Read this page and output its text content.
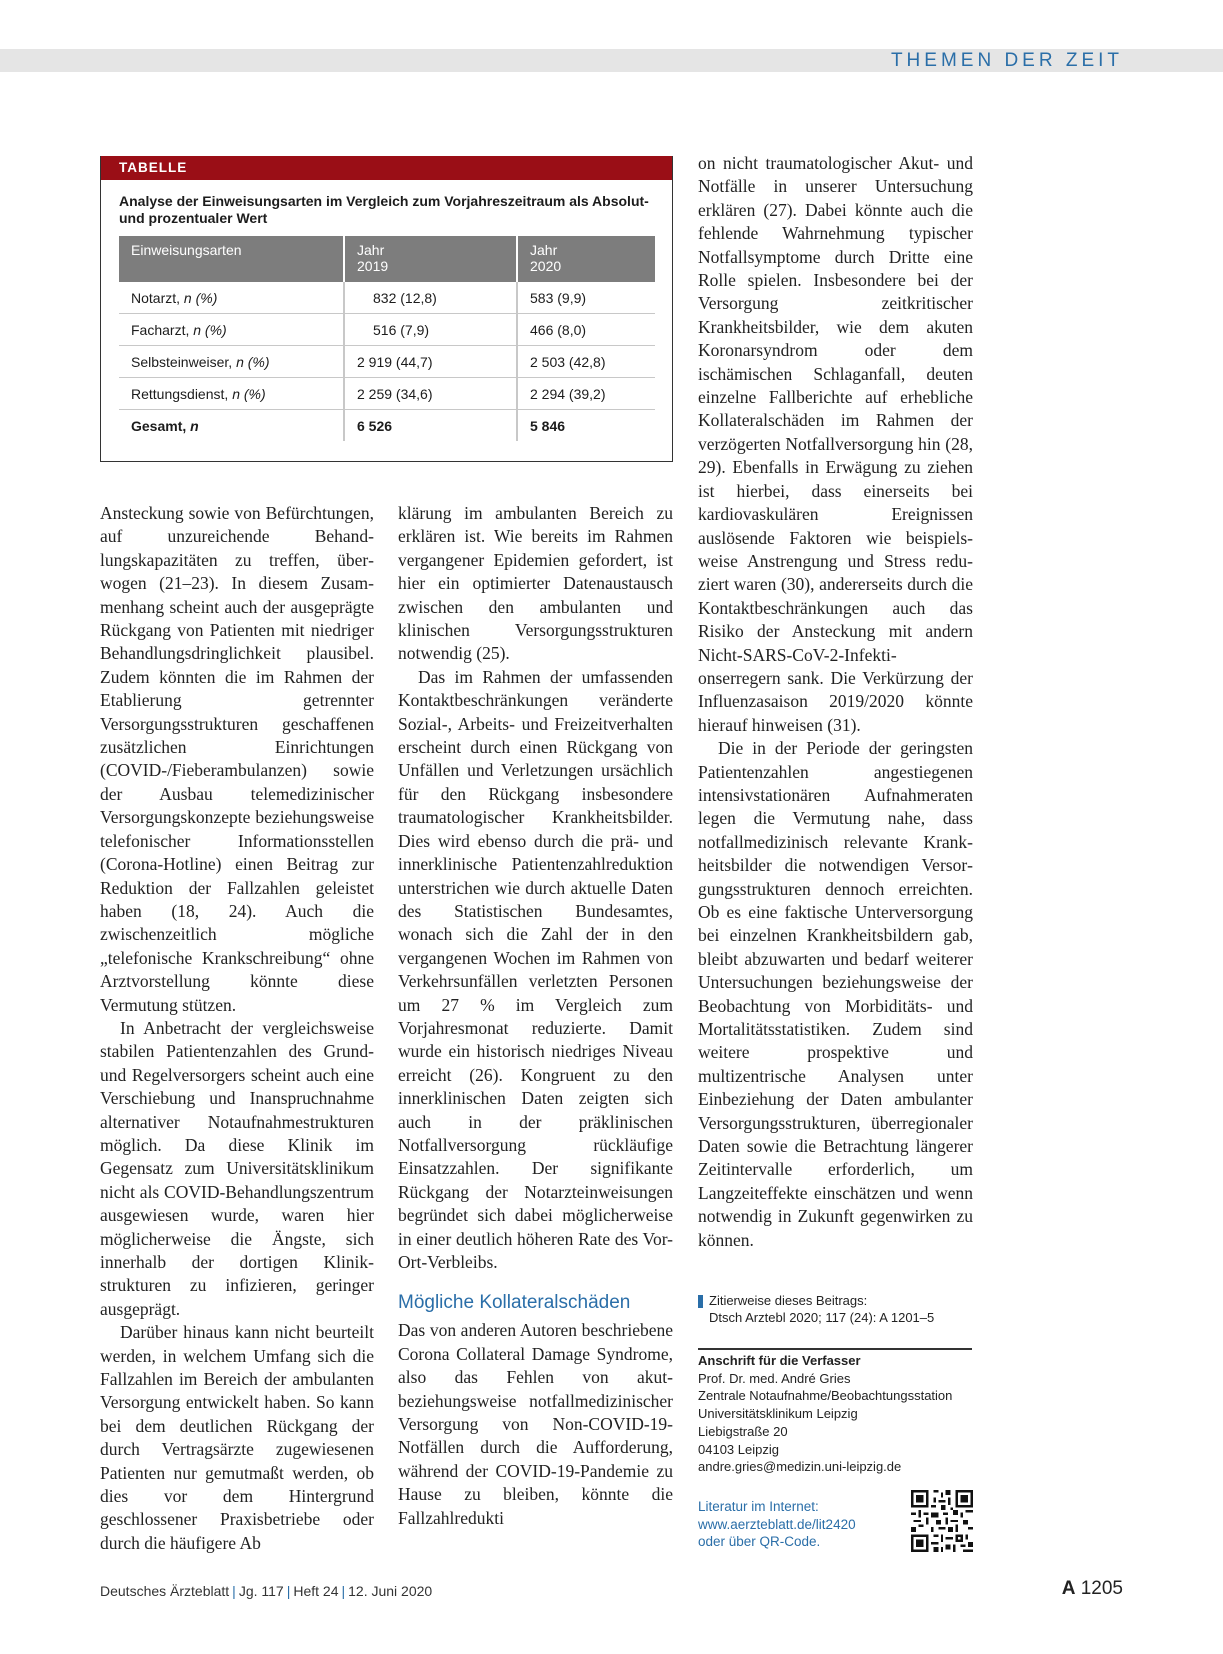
THEMEN DER ZEIT
TABELLE
Analyse der Einweisungsarten im Vergleich zum Vorjahreszeitraum als Absolut- und prozentualer Wert
Einweisungsarten	Jahr 2019	Jahr 2020
Notarzt, n (%)	832 (12,8)	583 (9,9)
Facharzt, n (%)	516 (7,9)	466 (8,0)
Selbsteinweiser, n (%)	2 919 (44,7)	2 503 (42,8)
Rettungsdienst, n (%)	2 259 (34,6)	2 294 (39,2)
Gesamt, n	6 526	5 846

Ansteckung sowie von Befürchtungen, auf unzureichende Behandlungskapazitäten zu treffen, überwogen (21–23). In diesem Zusammenhang scheint auch der ausgeprägte Rückgang von Patienten mit niedriger Behandlungsdringlichkeit plausibel. Zudem könnten die im Rahmen der Etablierung getrennter Versorgungsstrukturen geschaffenen zusätzlichen Einrichtungen (COVID-/Fieberambulanzen) sowie der Ausbau telemedizinischer Versorgungskonzepte beziehungsweise telefonischer Informationsstellen (Corona-Hotline) einen Beitrag zur Reduktion der Fallzahlen geleistet haben (18, 24). Auch die zwischenzeitlich mögliche „telefonische Krankschreibung“ ohne Arztvorstellung könnte diese Vermutung stützen.

In Anbetracht der vergleichsweise stabilen Patientenzahlen des Grund- und Regelversorgers scheint auch eine Verschiebung und Inanspruchnahme alternativer Notaufnahmestrukturen möglich. Da diese Klinik im Gegensatz zum Universitätsklinikum nicht als COVID-Behandlungszentrum ausgewiesen wurde, waren hier möglicherweise die Ängste, sich innerhalb der dortigen Klinikstrukturen zu infizieren, geringer ausgeprägt.

Darüber hinaus kann nicht beurteilt werden, in welchem Umfang sich die Fallzahlen im Bereich der ambulanten Versorgung entwickelt haben. So kann bei dem deutlichen Rückgang der durch Vertragsärzte zugewiesenen Patienten nur gemutmaßt werden, ob dies vor dem Hintergrund geschlossener Praxisbetriebe oder durch die häufigere Ab

klärung im ambulanten Bereich zu erklären ist. Wie bereits im Rahmen vergangener Epidemien gefordert, ist hier ein optimierter Datenaustausch zwischen den ambulanten und klinischen Versorgungsstrukturen notwendig (25).

Das im Rahmen der umfassenden Kontaktbeschränkungen veränderte Sozial-, Arbeits- und Freizeitverhalten erscheint durch einen Rückgang von Unfällen und Verletzungen ursächlich für den Rückgang insbesondere traumatologischer Krankheitsbilder. Dies wird ebenso durch die prä- und innerklinische Patientenzahlreduktion unterstrichen wie durch aktuelle Daten des Statistischen Bundesamtes, wonach sich die Zahl der in den vergangenen Wochen im Rahmen von Verkehrsunfällen verletzten Personen um 27 % im Vergleich zum Vorjahresmonat reduzierte. Damit wurde ein historisch niedriges Niveau erreicht (26). Kongruent zu den innerklinischen Daten zeigten sich auch in der präklinischen Notfallversorgung rückläufige Einsatzzahlen. Der signifikante Rückgang der Notarzteinweisungen begründet sich dabei möglicherweise in einer deutlich höheren Rate des Vor-Ort-Verbleibs.

Mögliche Kollateralschäden

Das von anderen Autoren beschriebene Corona Collateral Damage Syndrome, also das Fehlen von akut- beziehungsweise notfallmedizinischer Versorgung von Non-COVID-19-Notfällen durch die Aufforderung, während der COVID-19-Pandemie zu Hause zu bleiben, könnte die Fallzahlredukti

on nicht traumatologischer Akut- und Notfälle in unserer Untersuchung erklären (27). Dabei könnte auch die fehlende Wahrnehmung typischer Notfallsymptome durch Dritte eine Rolle spielen. Insbesondere bei der Versorgung zeitkritischer Krankheitsbilder, wie dem akuten Koronarsyndrom oder dem ischämischen Schlaganfall, deuten einzelne Fallberichte auf erhebliche Kollateralschäden im Rahmen der verzögerten Notfallversorgung hin (28, 29). Ebenfalls in Erwägung zu ziehen ist hierbei, dass einerseits bei kardiovaskulären Ereignissen auslösende Faktoren wie beispielsweise Anstrengung und Stress reduziert waren (30), andererseits durch die Kontaktbeschränkungen auch das Risiko der Ansteckung mit andern Nicht-SARS-CoV-2-Infektionserregern sank. Die Verkürzung der Influenzasaison 2019/2020 könnte hierauf hinweisen (31).

Die in der Periode der geringsten Patientenzahlen angestiegenen intensivstationären Aufnahmeraten legen die Vermutung nahe, dass notfallmedizinisch relevante Krankheitsbilder die notwendigen Versorgungsstrukturen dennoch erreichten. Ob es eine faktische Unterversorgung bei einzelnen Krankheitsbildern gab, bleibt abzuwarten und bedarf weiterer Untersuchungen beziehungsweise der Beobachtung von Morbiditäts- und Mortalitätsstatistiken. Zudem sind weitere prospektive und multizentrische Analysen unter Einbeziehung der Daten ambulanter Versorgungsstrukturen, überregionaler Daten sowie die Betrachtung längerer Zeitintervalle erforderlich, um Langzeiteffekte einschätzen und wenn notwendig in Zukunft gegenwirken zu können.

Zitierweise dieses Beitrags:
Dtsch Arztebl 2020; 117 (24): A 1201–5
Anschrift für die Verfasser
Prof. Dr. med. André Gries
Zentrale Notaufnahme/Beobachtungsstation
Universitätsklinikum Leipzig
Liebigstraße 20
04103 Leipzig
andre.gries@medizin.uni-leipzig.de
Literatur im Internet:
www.aerzteblatt.de/lit2420
oder über QR-Code.
Deutsches Ärzteblatt | Jg. 117 | Heft 24 | 12. Juni 2020	A 1205
